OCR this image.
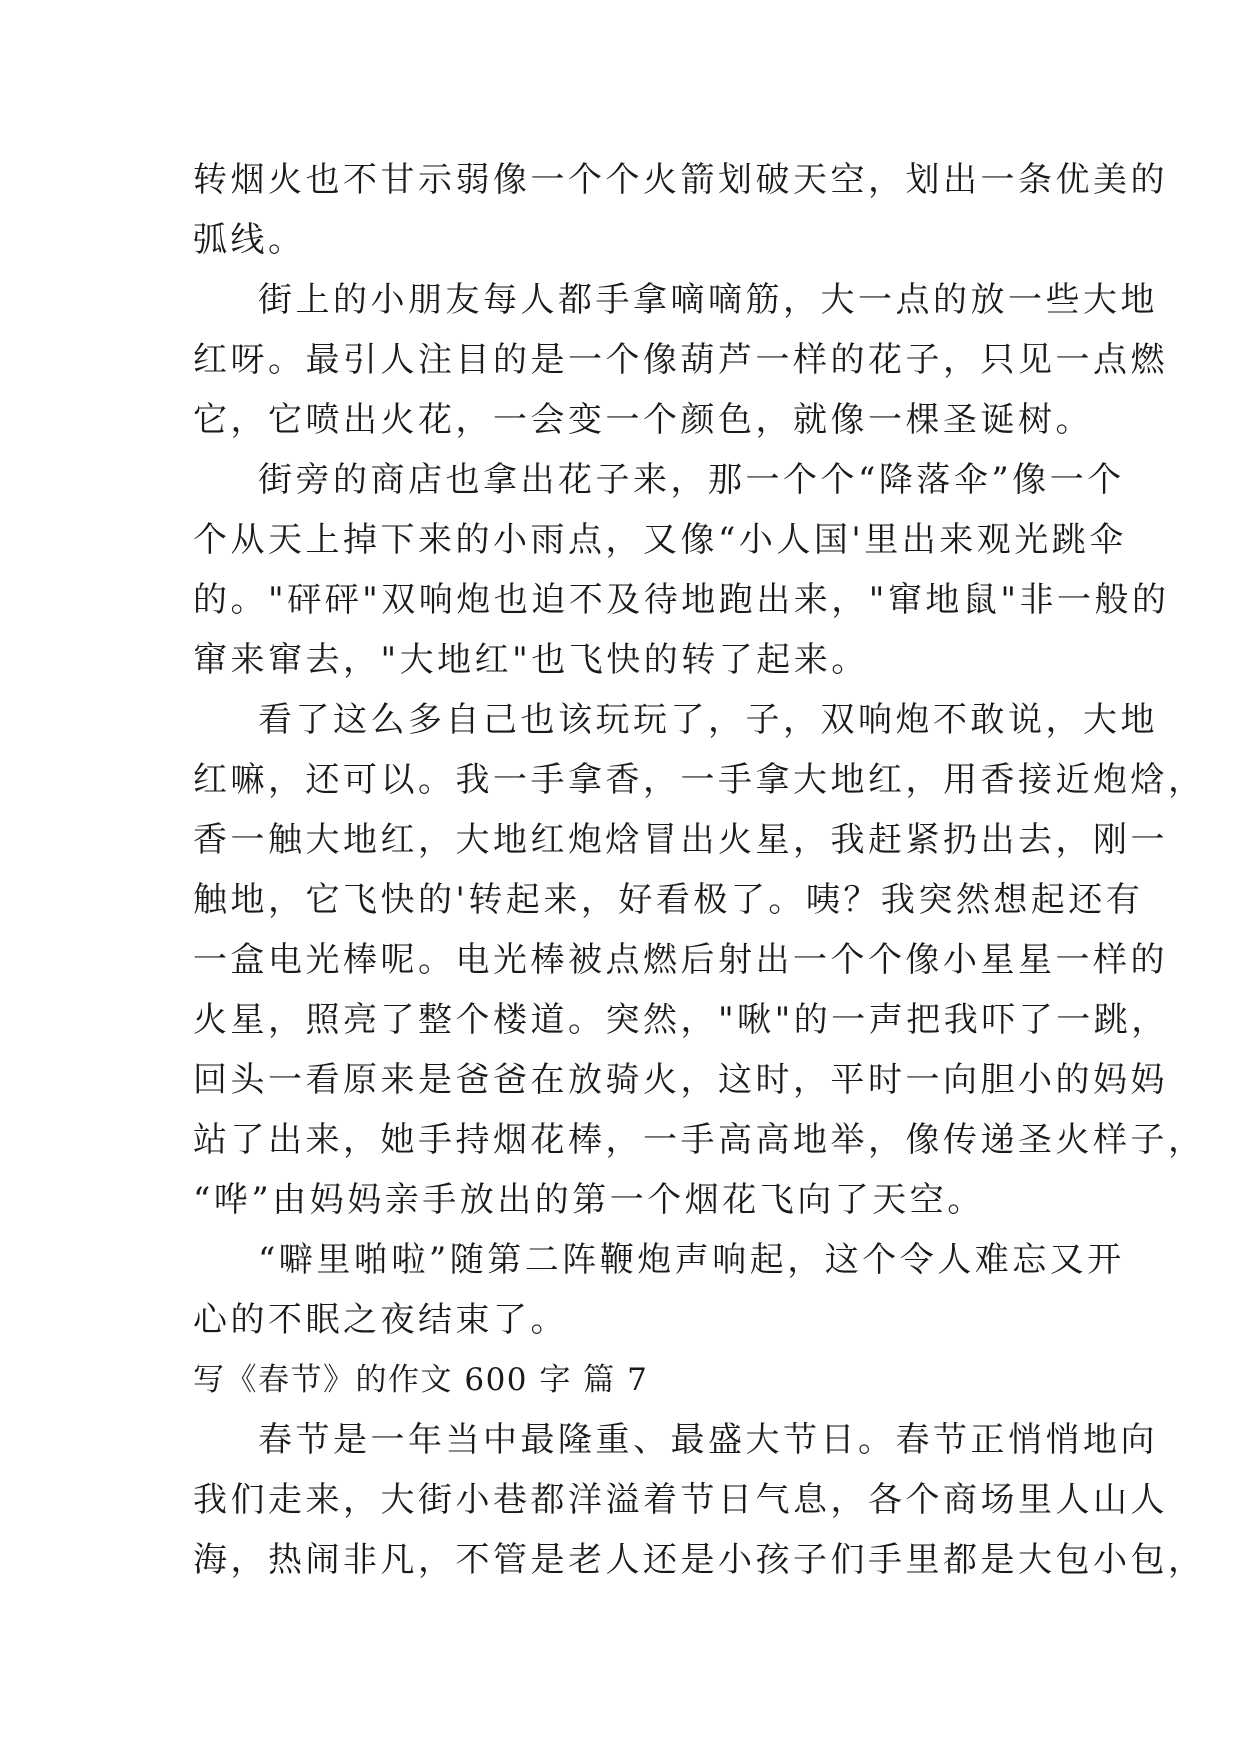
转烟火也不甘示弱像一个个火箭划破天空，划出一条优美的
弧线。
街上的小朋友每人都手拿嘀嘀筋，大一点的放一些大地
红呀。最引人注目的是一个像葫芦一样的花子，只见一点燃
它，它喷出火花，一会变一个颜色，就像一棵圣诞树。
街旁的商店也拿出花子来，那一个个“降落伞”像一个
个从天上掉下来的小雨点，又像“小人国'里出来观光跳伞
的。"砰砰"双响炮也迫不及待地跑出来，"窜地鼠"非一般的
窜来窜去，"大地红"也飞快的转了起来。
看了这么多自己也该玩玩了，子，双响炮不敢说，大地
红嘛，还可以。我一手拿香，一手拿大地红，用香接近炮焓，
香一触大地红，大地红炮焓冒出火星，我赶紧扔出去，刚一
触地，它飞快的'转起来，好看极了。咦？我突然想起还有
一盒电光棒呢。电光棒被点燃后射出一个个像小星星一样的
火星，照亮了整个楼道。突然，"啾"的一声把我吓了一跳，
回头一看原来是爸爸在放骑火，这时，平时一向胆小的妈妈
站了出来，她手持烟花棒，一手高高地举，像传递圣火样子，
“哗”由妈妈亲手放出的第一个烟花飞向了天空。
“噼里啪啦”随第二阵鞭炮声响起，这个令人难忘又开
心的不眠之夜结束了。
写《春节》的作文 600 字 篇 7
春节是一年当中最隆重、最盛大节日。春节正悄悄地向
我们走来，大街小巷都洋溢着节日气息，各个商场里人山人
海，热闹非凡，不管是老人还是小孩子们手里都是大包小包，
